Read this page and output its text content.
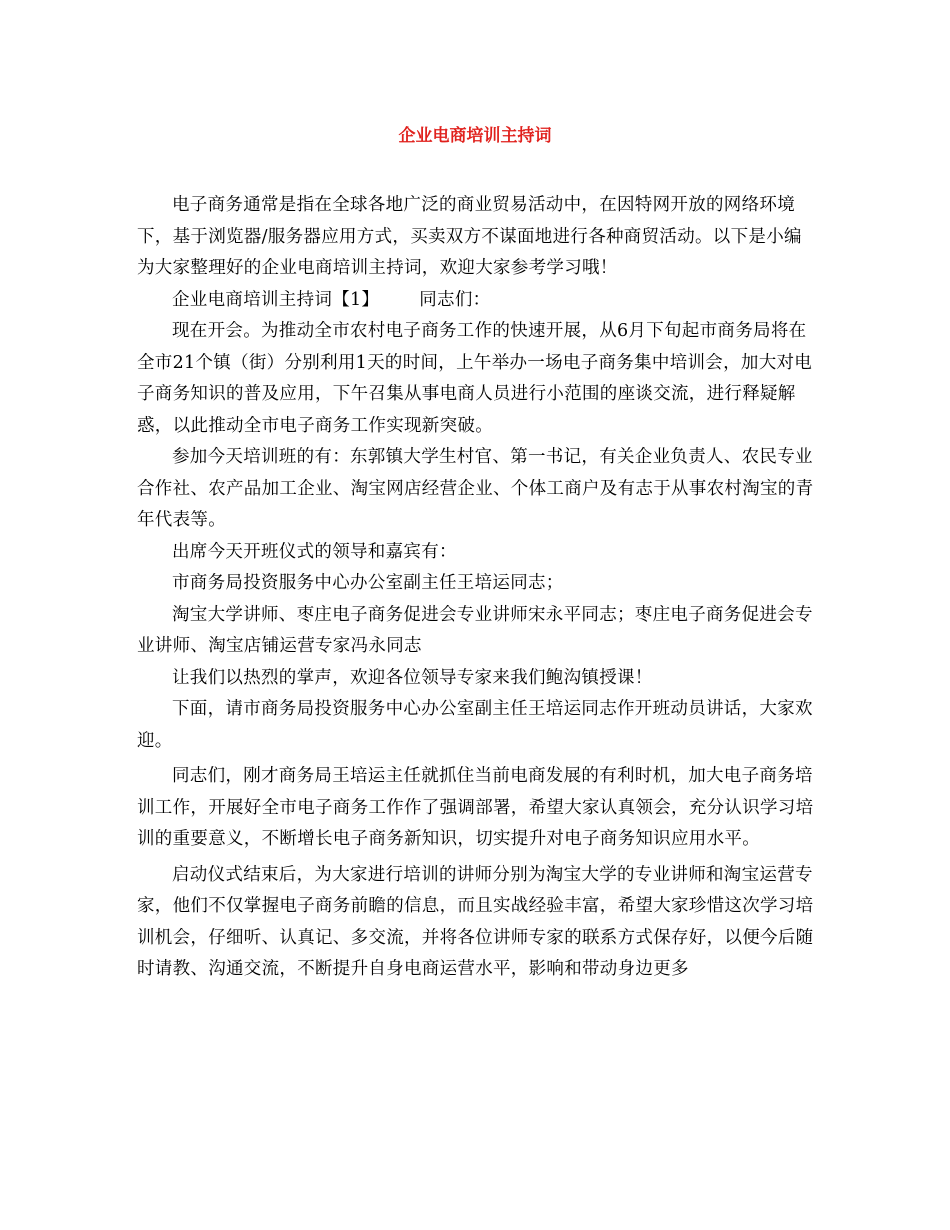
企业电商培训主持词

电子商务通常是指在全球各地广泛的商业贸易活动中，在因特网开放的网络环境下，基于浏览器/服务器应用方式，买卖双方不谋面地进行各种商贸活动。以下是小编为大家整理好的企业电商培训主持词，欢迎大家参考学习哦！

企业电商培训主持词【1】 同志们：

现在开会。为推动全市农村电子商务工作的快速开展，从6月下旬起市商务局将在全市21个镇（街）分别利用1天的时间，上午举办一场电子商务集中培训会，加大对电子商务知识的普及应用，下午召集从事电商人员进行小范围的座谈交流，进行释疑解惑，以此推动全市电子商务工作实现新突破。

参加今天培训班的有：东郭镇大学生村官、第一书记，有关企业负责人、农民专业合作社、农产品加工企业、淘宝网店经营企业、个体工商户及有志于从事农村淘宝的青年代表等。

出席今天开班仪式的领导和嘉宾有：

市商务局投资服务中心办公室副主任王培运同志；

淘宝大学讲师、枣庄电子商务促进会专业讲师宋永平同志；枣庄电子商务促进会专业讲师、淘宝店铺运营专家冯永同志

让我们以热烈的掌声，欢迎各位领导专家来我们鲍沟镇授课！

下面，请市商务局投资服务中心办公室副主任王培运同志作开班动员讲话，大家欢迎。

同志们，刚才商务局王培运主任就抓住当前电商发展的有利时机，加大电子商务培训工作，开展好全市电子商务工作作了强调部署，希望大家认真领会，充分认识学习培训的重要意义，不断增长电子商务新知识，切实提升对电子商务知识应用水平。

启动仪式结束后，为大家进行培训的讲师分别为淘宝大学的专业讲师和淘宝运营专家，他们不仅掌握电子商务前瞻的信息，而且实战经验丰富，希望大家珍惜这次学习培训机会，仔细听、认真记、多交流，并将各位讲师专家的联系方式保存好，以便今后随时请教、沟通交流，不断提升自身电商运营水平，影响和带动身边更多
